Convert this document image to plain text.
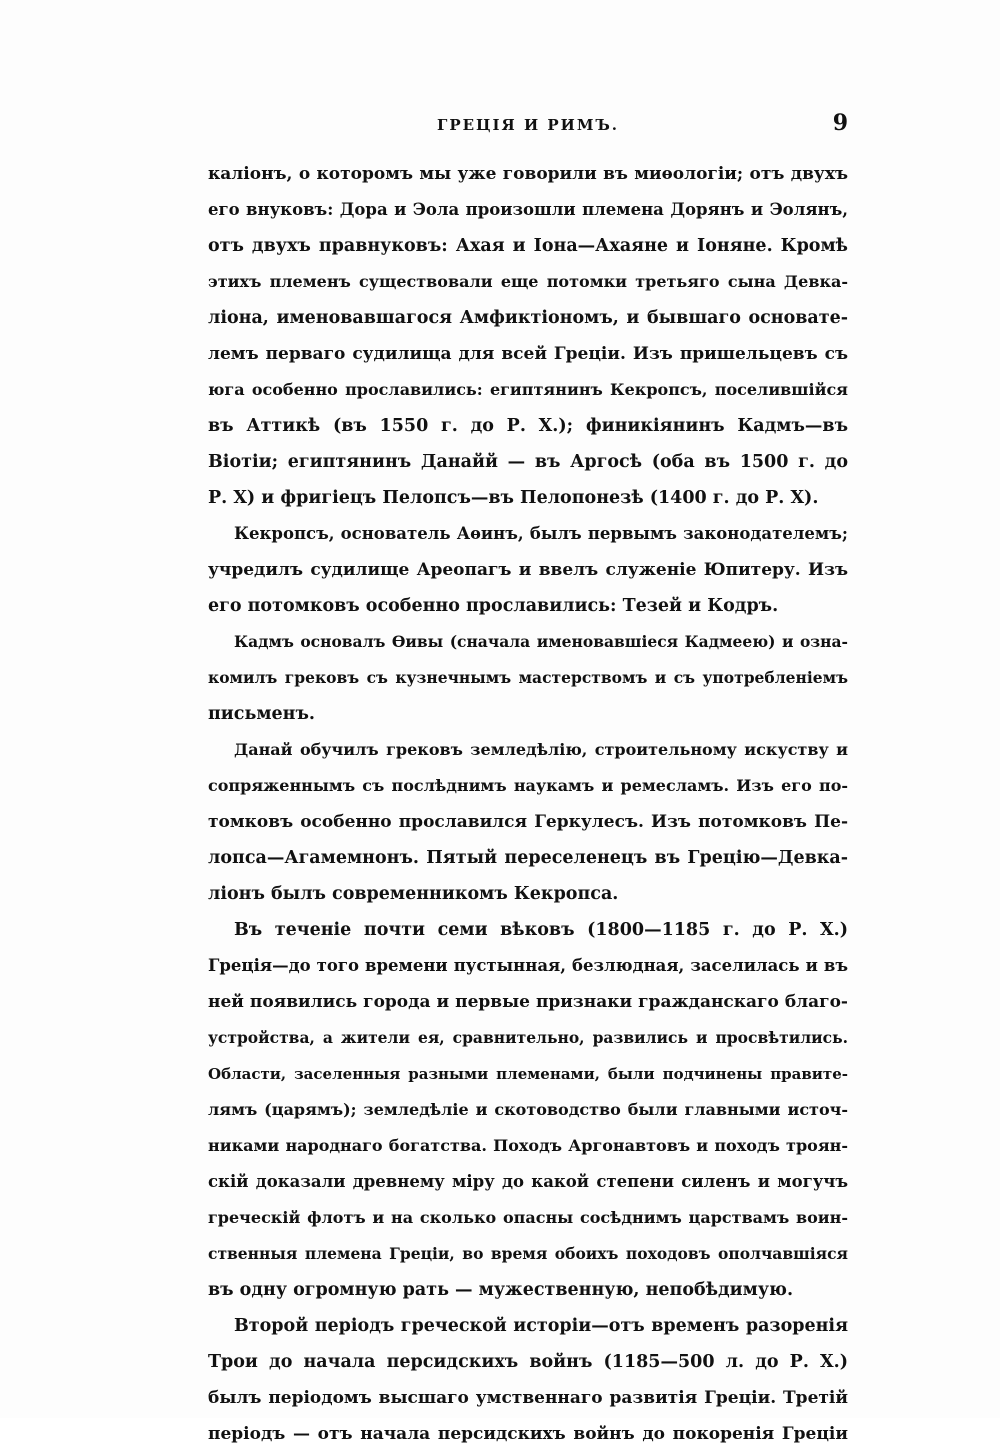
ГРЕЦІЯ И РИМЪ.	9
калiонъ, о которомъ мы уже говорили въ миѳологіи; отъ двухъ
его внуковъ: Дора и Эола произошли племена Дорянъ и Эолянъ,
отъ двухъ правнуковъ: Ахая и Іона—Ахаяне и Іоняне. Кромѣ
этихъ племенъ существовали еще потомки третьяго сына Девка-
ліона, именовавшагося Амфиктіономъ, и бывшаго основате-
лемъ перваго судилища для всей Греціи. Изъ пришельцевъ съ
юга особенно прославились: египтянинъ Кекропсъ, поселившійся
въ Аттикѣ (въ 1550 г. до Р. Х.); финикіянинъ Кадмъ—въ
Віотіи; египтянинъ Данайй — въ Аргосѣ (оба въ 1500 г. до
Р. Х) и фригіецъ Пелопсъ—въ Пелопонезѣ (1400 г. до Р. Х).
Кекропсъ, основатель Аѳинъ, былъ первымъ законодателемъ;
учредилъ судилище Ареопагъ и ввелъ служеніе Юпитеру. Изъ
его потомковъ особенно прославились: Тезей и Кодръ.
Кадмъ основалъ Ѳивы (сначала именовавшіеся Кадмеею) и озна-
комилъ грековъ съ кузнечнымъ мастерствомъ и съ употребленіемъ
письменъ.
Данай обучилъ грековъ земледѣлію, строительному искуству и
сопряженнымъ съ послѣднимъ наукамъ и ремесламъ. Изъ его по-
томковъ особенно прославился Геркулесъ. Изъ потомковъ Пе-
лопса—Агамемнонъ. Пятый переселенецъ въ Грецію—Девка-
ліонъ былъ современникомъ Кекропса.
Въ теченіе почти семи вѣковъ (1800—1185 г. до Р. Х.)
Греція—до того времени пустынная, безлюдная, заселилась и въ
ней появились города и первые признаки гражданскаго благо-
устройства, а жители ея, сравнительно, развились и просвѣтились.
Области, заселенныя разными племенами, были подчинены правите-
лямъ (царямъ); земледѣліе и скотоводство были главными источ-
никами народнаго богатства. Походъ Аргонавтовъ и походъ троян-
скій доказали древнему міру до какой степени силенъ и могучъ
греческій флотъ и на сколько опасны сосѣднимъ царствамъ воин-
ственныя племена Греціи, во время обоихъ походовъ ополчавшіяся
въ одну огромную рать — мужественную, непобѣдимую.
Второй періодъ греческой исторіи—отъ временъ разоренія
Трои до начала персидскихъ войнъ (1185—500 л. до Р. Х.)
былъ періодомъ высшаго умственнаго развитія Греціи. Третій
періодъ — отъ начала персидскихъ войнъ до покоренія Греціи
